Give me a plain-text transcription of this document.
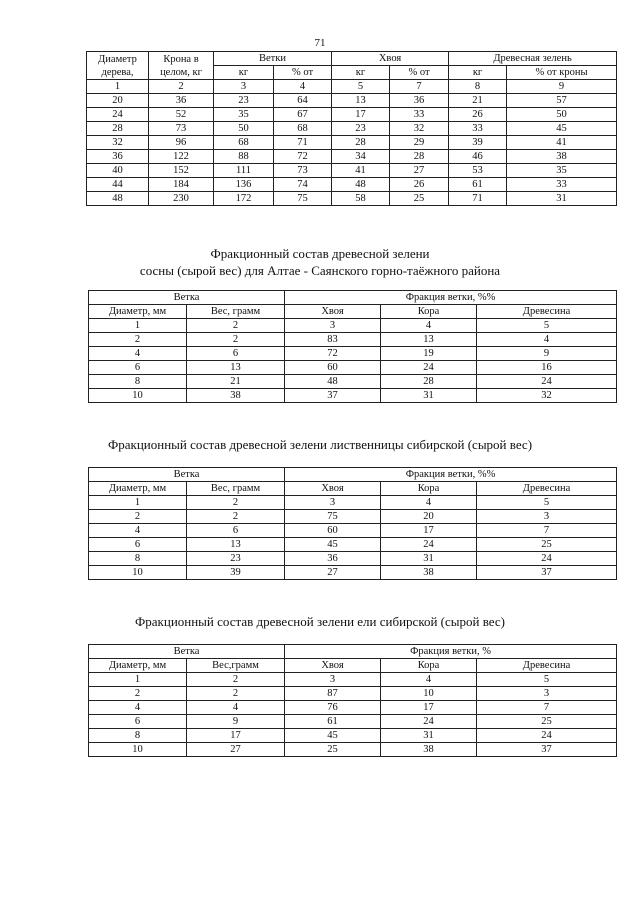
71
Диаметр дерева,	Крона в целом, кг	Ветки		Хвоя		Древесная зелень	
		кг	% от	кг	% от	кг	% от кроны
1	2	3	4	5	7	8	9
20	36	23	64	13	36	21	57
24	52	35	67	17	33	26	50
28	73	50	68	23	32	33	45
32	96	68	71	28	29	39	41
36	122	88	72	34	28	46	38
40	152	111	73	41	27	53	35
44	184	136	74	48	26	61	33
48	230	172	75	58	25	71	31
Фракционный состав древесной зелени
сосны (сырой вес) для Алтае - Саянского горно-таёжного района
Ветка		Фракция ветки, %%		
Диаметр, мм	Вес, грамм	Хвоя	Кора	Древесина
1	2	3	4	5
2	2	83	13	4
4	6	72	19	9
6	13	60	24	16
8	21	48	28	24
10	38	37	31	32
Фракционный состав древесной зелени лиственницы сибирской (сырой вес)
Ветка		Фракция ветки, %%		
Диаметр, мм	Вес, грамм	Хвоя	Кора	Древесина
1	2	3	4	5
2	2	75	20	3
4	6	60	17	7
6	13	45	24	25
8	23	36	31	24
10	39	27	38	37
Фракционный состав древесной зелени ели сибирской (сырой вес)
Ветка		Фракция ветки, %		
Диаметр, мм	Вес,грамм	Хвоя	Кора	Древесина
1	2	3	4	5
2	2	87	10	3
4	4	76	17	7
6	9	61	24	25
8	17	45	31	24
10	27	25	38	37
